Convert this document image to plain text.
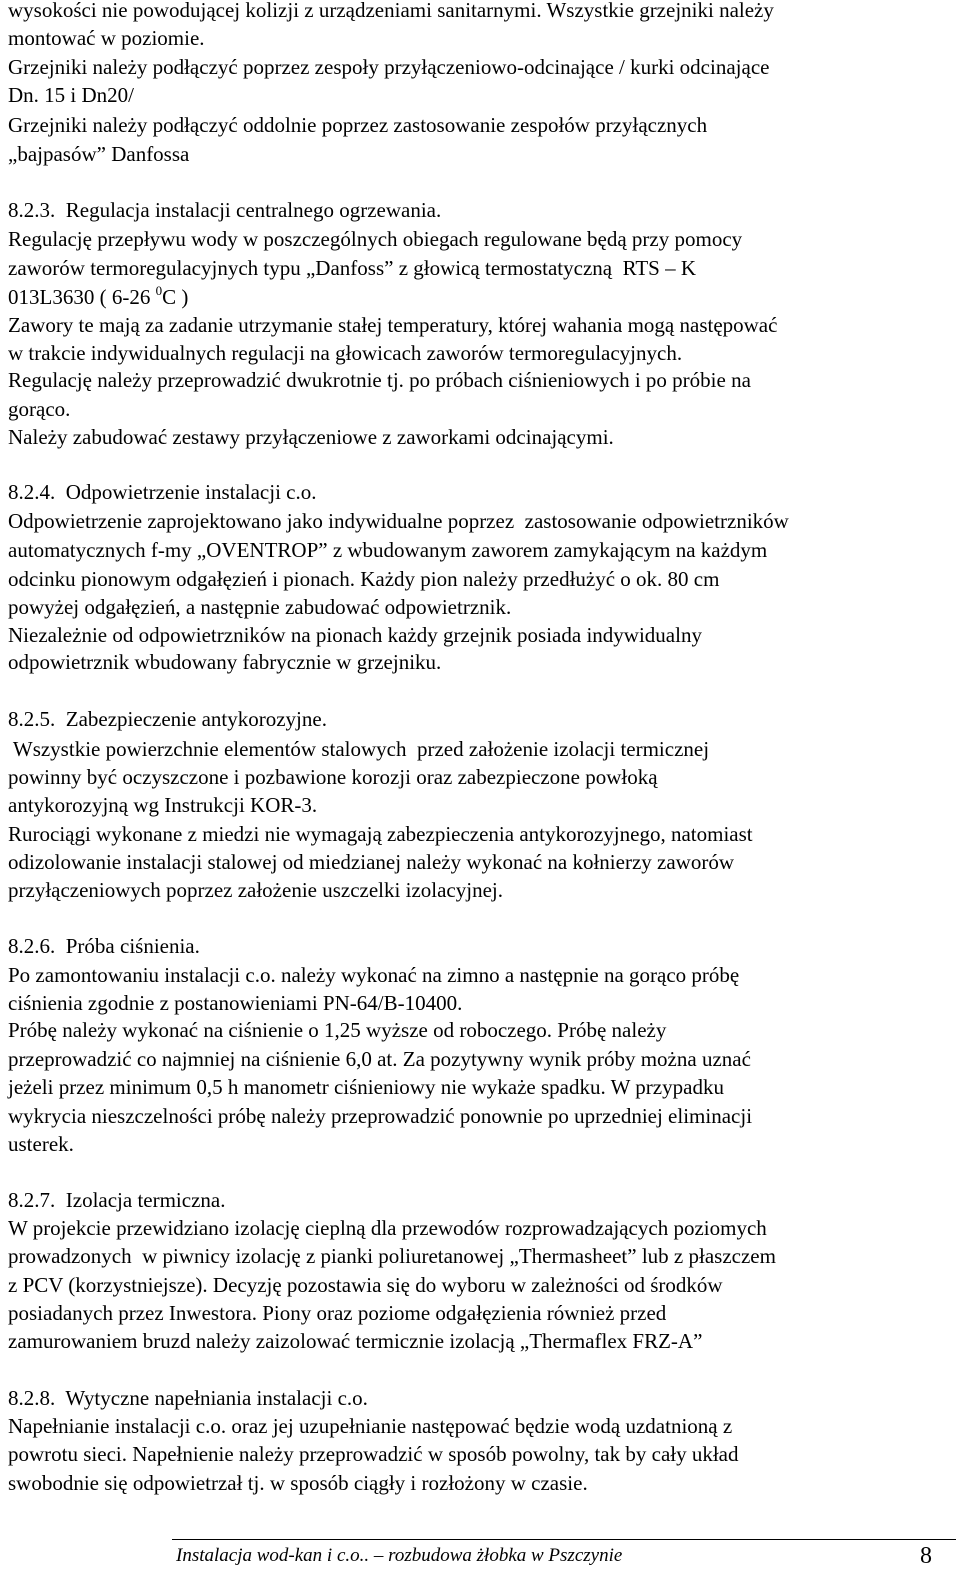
wysokości nie powodującej kolizji z urządzeniami sanitarnymi. Wszystkie grzejniki należy
montować w poziomie.
Grzejniki należy podłączyć poprzez zespoły przyłączeniowo-odcinające / kurki odcinające
Dn. 15 i Dn20/
Grzejniki należy podłączyć oddolnie poprzez zastosowanie zespołów przyłącznych
„bajpasów” Danfossa
8.2.3.  Regulacja instalacji centralnego ogrzewania.
Regulację przepływu wody w poszczególnych obiegach regulowane będą przy pomocy
zaworów termoregulacyjnych typu „Danfoss” z głowicą termostatyczną  RTS – K
013L3630 ( 6-26 $^0$C )
Zawory te mają za zadanie utrzymanie stałej temperatury, której wahania mogą następować
w trakcie indywidualnych regulacji na głowicach zaworów termoregulacyjnych.
Regulację należy przeprowadzić dwukrotnie tj. po próbach ciśnieniowych i po próbie na
gorąco.
Należy zabudować zestawy przyłączeniowe z zaworkami odcinającymi.
8.2.4.  Odpowietrzenie instalacji c.o.
Odpowietrzenie zaprojektowano jako indywidualne poprzez  zastosowanie odpowietrzników
automatycznych f-my „OVENTROP” z wbudowanym zaworem zamykającym na każdym
odcinku pionowym odgałęzień i pionach. Każdy pion należy przedłużyć o ok. 80 cm
powyżej odgałęzień, a następnie zabudować odpowietrznik.
Niezależnie od odpowietrzników na pionach każdy grzejnik posiada indywidualny
odpowietrznik wbudowany fabrycznie w grzejniku.
8.2.5.  Zabezpieczenie antykorozyjne.
Wszystkie powierzchnie elementów stalowych  przed założenie izolacji termicznej
powinny być oczyszczone i pozbawione korozji oraz zabezpieczone powłoką
antykorozyjną wg Instrukcji KOR-3.
Rurociągi wykonane z miedzi nie wymagają zabezpieczenia antykorozyjnego, natomiast
odizolowanie instalacji stalowej od miedzianej należy wykonać na kołnierzy zaworów
przyłączeniowych poprzez założenie uszczelki izolacyjnej.
8.2.6.  Próba ciśnienia.
Po zamontowaniu instalacji c.o. należy wykonać na zimno a następnie na gorąco próbę
ciśnienia zgodnie z postanowieniami PN-64/B-10400.
Próbę należy wykonać na ciśnienie o 1,25 wyższe od roboczego. Próbę należy
przeprowadzić co najmniej na ciśnienie 6,0 at. Za pozytywny wynik próby można uznać
jeżeli przez minimum 0,5 h manometr ciśnieniowy nie wykaże spadku. W przypadku
wykrycia nieszczelności próbę należy przeprowadzić ponownie po uprzedniej eliminacji
usterek.
8.2.7.  Izolacja termiczna.
W projekcie przewidziano izolację cieplną dla przewodów rozprowadzających poziomych
prowadzonych  w piwnicy izolację z pianki poliuretanowej „Thermasheet” lub z płaszczem
z PCV (korzystniejsze). Decyzję pozostawia się do wyboru w zależności od środków
posiadanych przez Inwestora. Piony oraz poziome odgałęzienia również przed
zamurowaniem bruzd należy zaizolować termicznie izolacją „Thermaflex FRZ-A”
8.2.8.  Wytyczne napełniania instalacji c.o.
Napełnianie instalacji c.o. oraz jej uzupełnianie następować będzie wodą uzdatnioną z
powrotu sieci. Napełnienie należy przeprowadzić w sposób powolny, tak by cały układ
swobodnie się odpowietrzał tj. w sposób ciągły i rozłożony w czasie.
Instalacja wod-kan i c.o.. – rozbudowa żłobka w Pszczynie	8
